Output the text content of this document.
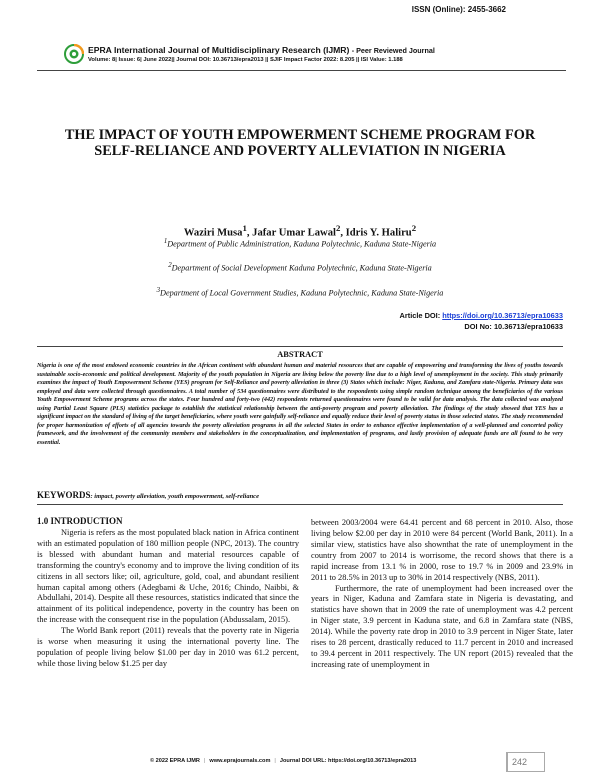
ISSN (Online): 2455-3662
EPRA International Journal of Multidisciplinary Research (IJMR) - Peer Reviewed Journal
Volume: 8| Issue: 6| June 2022|| Journal DOI: 10.36713/epra2013 || SJIF Impact Factor 2022: 8.205 || ISI Value: 1.188
THE IMPACT OF YOUTH EMPOWERMENT SCHEME PROGRAM FOR SELF-RELIANCE AND POVERTY ALLEVIATION IN NIGERIA
Waziri Musa$^1$, Jafar Umar Lawal$^2$, Idris Y. Haliru$^2$
$^1$Department of Public Administration, Kaduna Polytechnic, Kaduna State-Nigeria
$^2$Department of Social Development Kaduna Polytechnic, Kaduna State-Nigeria
$^3$Department of Local Government Studies, Kaduna Polytechnic, Kaduna State-Nigeria
Article DOI: https://doi.org/10.36713/epra10633
DOI No: 10.36713/epra10633
ABSTRACT
Nigeria is one of the most endowed economic countries in the African continent with abundant human and material resources that are capable of empowering and transforming the lives of youths towards sustainable socio-economic and political development. Majority of the youth population in Nigeria are living below the poverty line due to a high level of unemployment in the society. This study primarily examines the impact of Youth Empowerment Scheme (YES) program for Self-Reliance and poverty alleviation in three (3) States which include: Niger, Kaduna, and Zamfara state-Nigeria. Primary data was employed and data were collected through questionnaires. A total number of 534 questionnaires were distributed to the respondents using simple random technique among the beneficiaries of the various Youth Empowerment Scheme programs across the states. Four hundred and forty-two (442) respondents returned questionnaires were found to be valid for data analysis. The data collected was analyzed using Partial Least Square (PLS) statistics package to establish the statistical relationship between the anti-poverty program and poverty alleviation. The findings of the study showed that YES has a significant impact on the standard of living of the target beneficiaries, where youth were gainfully self-reliance and equally reduce their level of poverty status in those selected states. The study recommended for proper harmonization of efforts of all agencies towards the poverty alleviation programs in all the selected States in order to enhance effective implementation of a well-planned and concerted policy framework, and the involvement of the community members and stakeholders in the conceptualization, and implementation of programs, and lastly provision of adequate funds are all found to be very essential.
KEYWORDS: impact, poverty alleviation, youth empowerment, self-reliance
1.0 INTRODUCTION

Nigeria is refers as the most populated black nation in Africa continent with an estimated population of 180 million people (NPC, 2013). The country is blessed with abundant human and material resources capable of transforming the country's economy and to improve the living condition of its citizens in all sectors like; oil, agriculture, gold, coal, and abundant resilient human capital among others (Adegbami & Uche, 2016; Chindo, Naibbi, & Abdullahi, 2014). Despite all these resources, statistics indicated that since the attainment of its political independence, poverty in the country has been on the increase with the consequent rise in the population (Abdussalam, 2015).

The World Bank report (2011) reveals that the poverty rate in Nigeria is worse when measuring it using the international poverty line. The population of people living below $1.00 per day in 2010 was 61.2 percent, while those living below $1.25 per day

between 2003/2004 were 64.41 percent and 68 percent in 2010. Also, those living below $2.00 per day in 2010 were 84 percent (World Bank, 2011). In a similar view, statistics have also shownthat the rate of unemployment in the country from 2007 to 2014 is worrisome, the record shows that there is a rapid increase from 13.1 % in 2000, rose to 19.7 % in 2009 and 23.9% in 2011 to 28.5% in 2013 up to 30% in 2014 respectively (NBS, 2011).

Furthermore, the rate of unemployment had been increased over the years in Niger, Kaduna and Zamfara state in Nigeria is devastating, and statistics have shown that in 2009 the rate of unemployment was 4.2 percent in Niger state, 3.9 percent in Kaduna state, and 6.8 in Zamfara state (NBS, 2014). While the poverty rate drop in 2010 to 3.9 percent in Niger State, later rises to 28 percent, drastically reduced to 11.7 percent in 2010 and increased to 39.4 percent in 2011 respectively. The UN report (2015) revealed that the increasing rate of unemployment in

© 2022 EPRA IJMR | www.eprajournals.com | Journal DOI URL: https://doi.org/10.36713/epra2013	242
